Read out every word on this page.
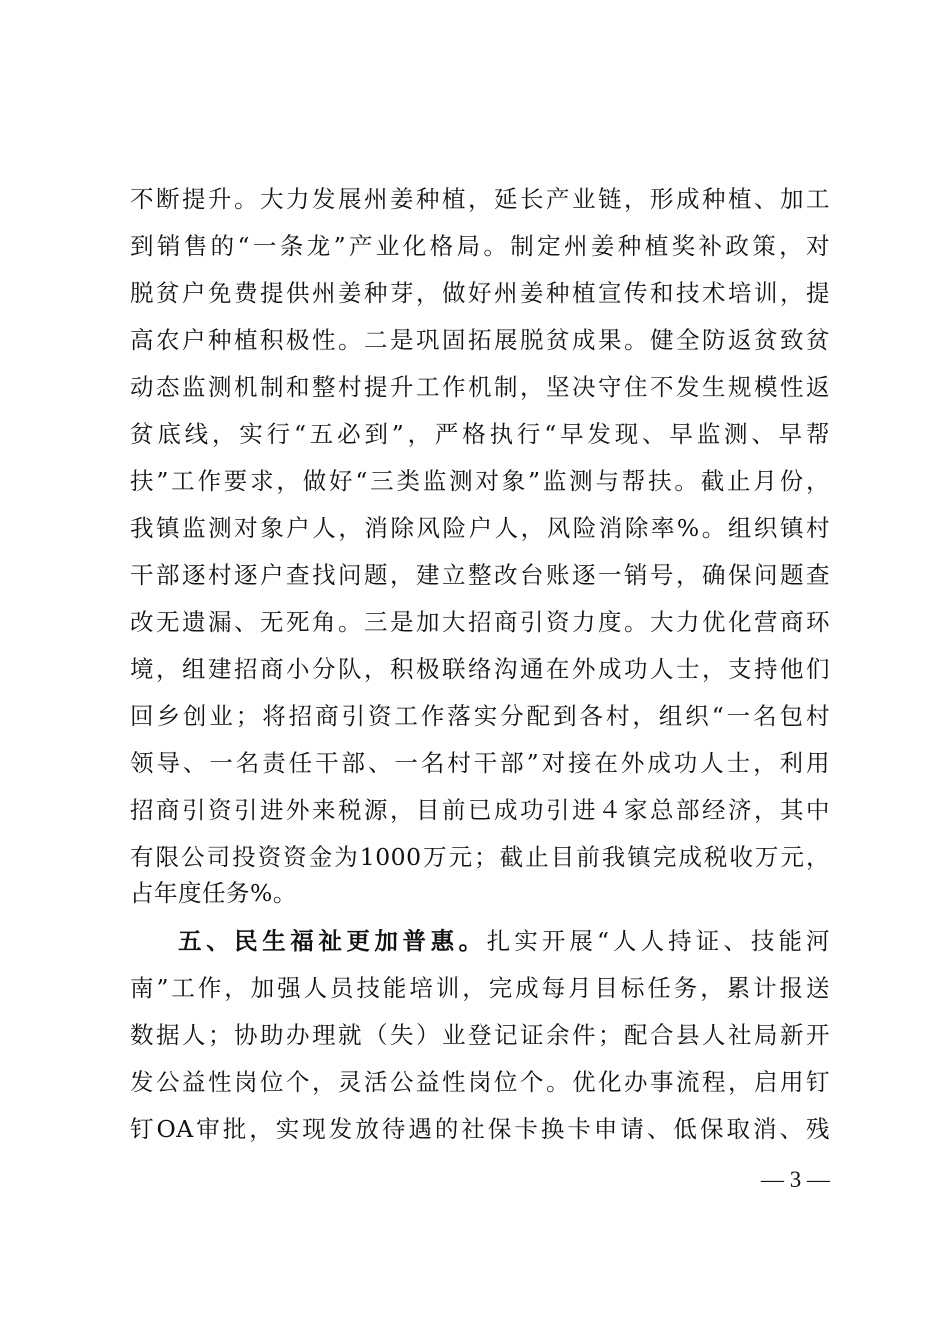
不断提升。大力发展州姜种植，延长产业链，形成种植、加工
到销售的“一条龙”产业化格局。制定州姜种植奖补政策，对
脱贫户免费提供州姜种芽，做好州姜种植宣传和技术培训，提
高农户种植积极性。二是巩固拓展脱贫成果。健全防返贫致贫
动态监测机制和整村提升工作机制，坚决守住不发生规模性返
贫底线，实行“五必到”，严格执行“早发现、早监测、早帮
扶”工作要求，做好“三类监测对象”监测与帮扶。截止月份，
我镇监测对象户人，消除风险户人，风险消除率%。组织镇村
干部逐村逐户查找问题，建立整改台账逐一销号，确保问题查
改无遗漏、无死角。三是加大招商引资力度。大力优化营商环
境，组建招商小分队，积极联络沟通在外成功人士，支持他们
回乡创业；将招商引资工作落实分配到各村，组织“一名包村
领导、一名责任干部、一名村干部”对接在外成功人士，利用
招商引资引进外来税源，目前已成功引进４家总部经济，其中
有限公司投资资金为1000万元；截止目前我镇完成税收万元，
占年度任务%。
五、民生福祉更加普惠。扎实开展“人人持证、技能河
南”工作，加强人员技能培训，完成每月目标任务，累计报送
数据人；协助办理就（失）业登记证余件；配合县人社局新开
发公益性岗位个，灵活公益性岗位个。优化办事流程，启用钉
钉OA审批，实现发放待遇的社保卡换卡申请、低保取消、残
— 3 —
